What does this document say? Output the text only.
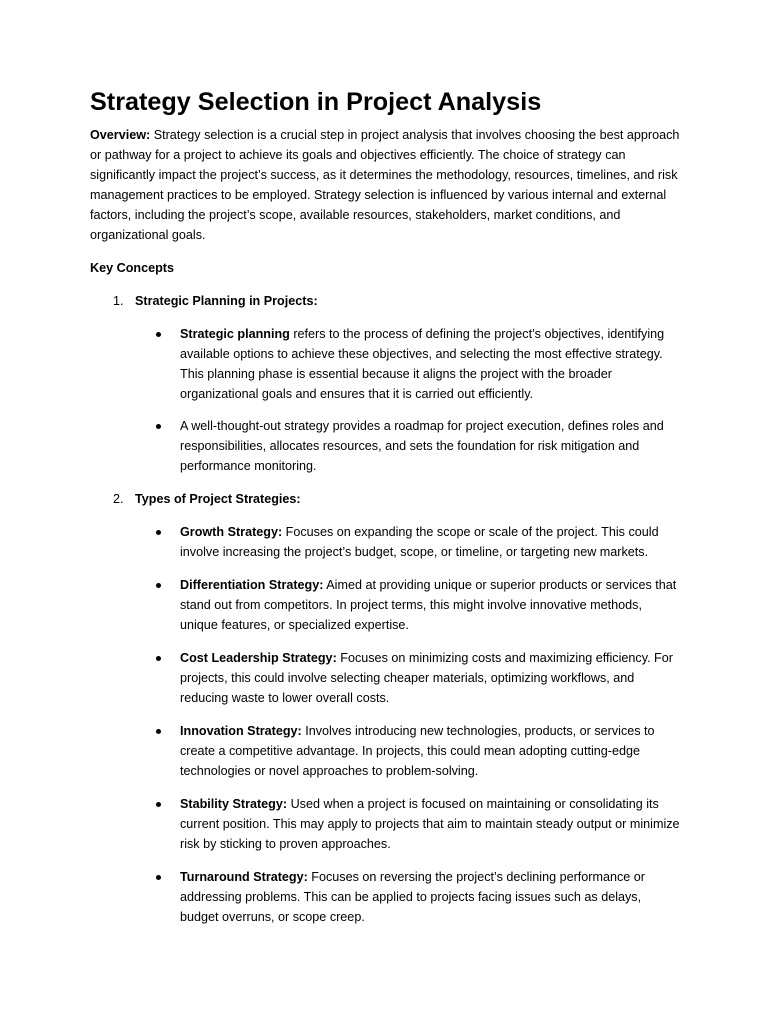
Strategy Selection in Project Analysis

Overview: Strategy selection is a crucial step in project analysis that involves choosing the best approach or pathway for a project to achieve its goals and objectives efficiently. The choice of strategy can significantly impact the project’s success, as it determines the methodology, resources, timelines, and risk management practices to be employed. Strategy selection is influenced by various internal and external factors, including the project’s scope, available resources, stakeholders, market conditions, and organizational goals.

Key Concepts

1. Strategic Planning in Projects:
Strategic planning refers to the process of defining the project’s objectives, identifying available options to achieve these objectives, and selecting the most effective strategy. This planning phase is essential because it aligns the project with the broader organizational goals and ensures that it is carried out efficiently.
A well-thought-out strategy provides a roadmap for project execution, defines roles and responsibilities, allocates resources, and sets the foundation for risk mitigation and performance monitoring.
2. Types of Project Strategies:
Growth Strategy: Focuses on expanding the scope or scale of the project. This could involve increasing the project’s budget, scope, or timeline, or targeting new markets.
Differentiation Strategy: Aimed at providing unique or superior products or services that stand out from competitors. In project terms, this might involve innovative methods, unique features, or specialized expertise.
Cost Leadership Strategy: Focuses on minimizing costs and maximizing efficiency. For projects, this could involve selecting cheaper materials, optimizing workflows, and reducing waste to lower overall costs.
Innovation Strategy: Involves introducing new technologies, products, or services to create a competitive advantage. In projects, this could mean adopting cutting-edge technologies or novel approaches to problem-solving.
Stability Strategy: Used when a project is focused on maintaining or consolidating its current position. This may apply to projects that aim to maintain steady output or minimize risk by sticking to proven approaches.
Turnaround Strategy: Focuses on reversing the project’s declining performance or addressing problems. This can be applied to projects facing issues such as delays, budget overruns, or scope creep.
